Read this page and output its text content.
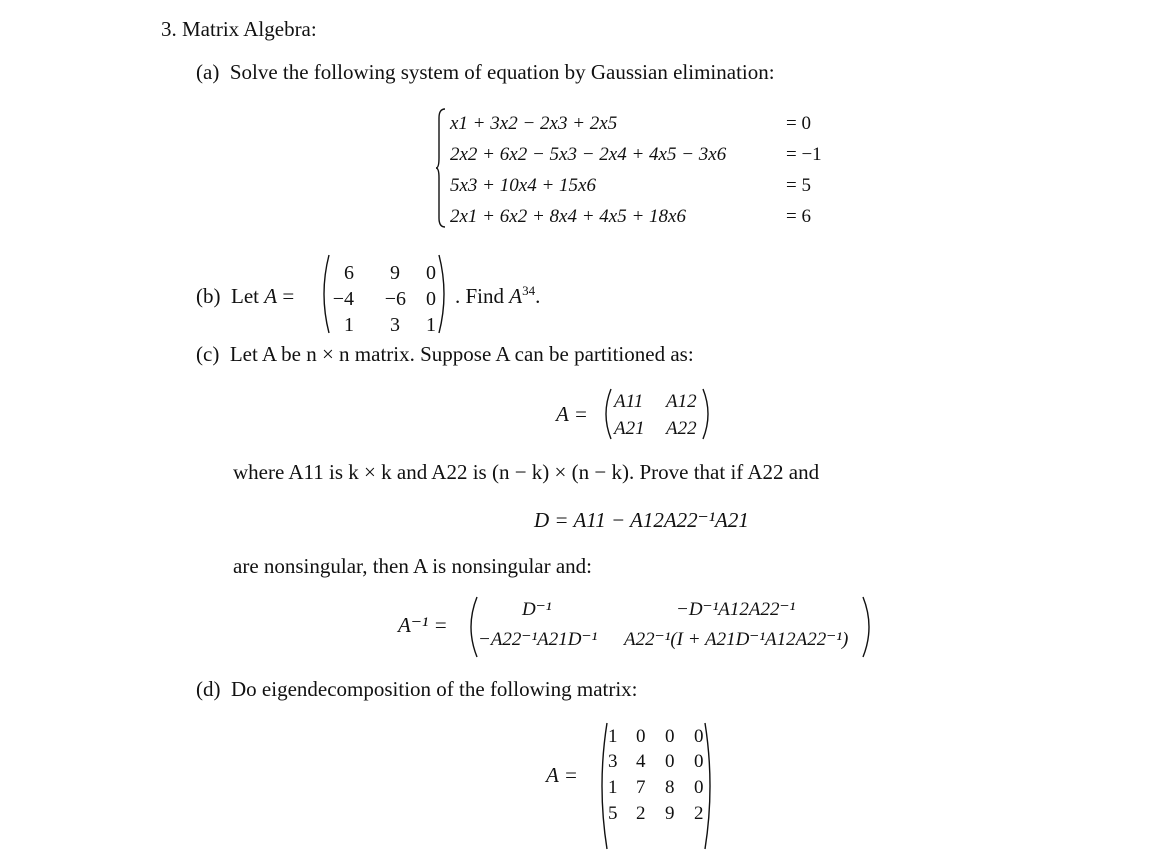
3. Matrix Algebra:
(a) Solve the following system of equation by Gaussian elimination:
x1 + 3x2 − 2x3 + 2x5	= 0
2x2 + 6x2 − 5x3 − 2x4 + 4x5 − 3x6	= −1
5x3 + 10x4 + 15x6	= 5
2x1 + 6x2 + 8x4 + 4x5 + 18x6	= 6
(b) Let A =
6	9	0
−4	−6	0
1	3	1
. Find $A^{34}$.
(c) Let A be n × n matrix. Suppose A can be partitioned as:
A =
A11 A12
A21 A22
where A11 is k × k and A22 is (n − k) × (n − k). Prove that if A22 and
D = A11 − A12A22⁻¹A21
are nonsingular, then A is nonsingular and:
A⁻¹ =
D⁻¹	−D⁻¹A12A22⁻¹
−A22⁻¹A21D⁻¹ A22⁻¹(I + A21D⁻¹A12A22⁻¹)
(d) Do eigendecomposition of the following matrix:
A =
1 0 0 0
3 4 0 0
1 7 8 0
5 2 9 2
